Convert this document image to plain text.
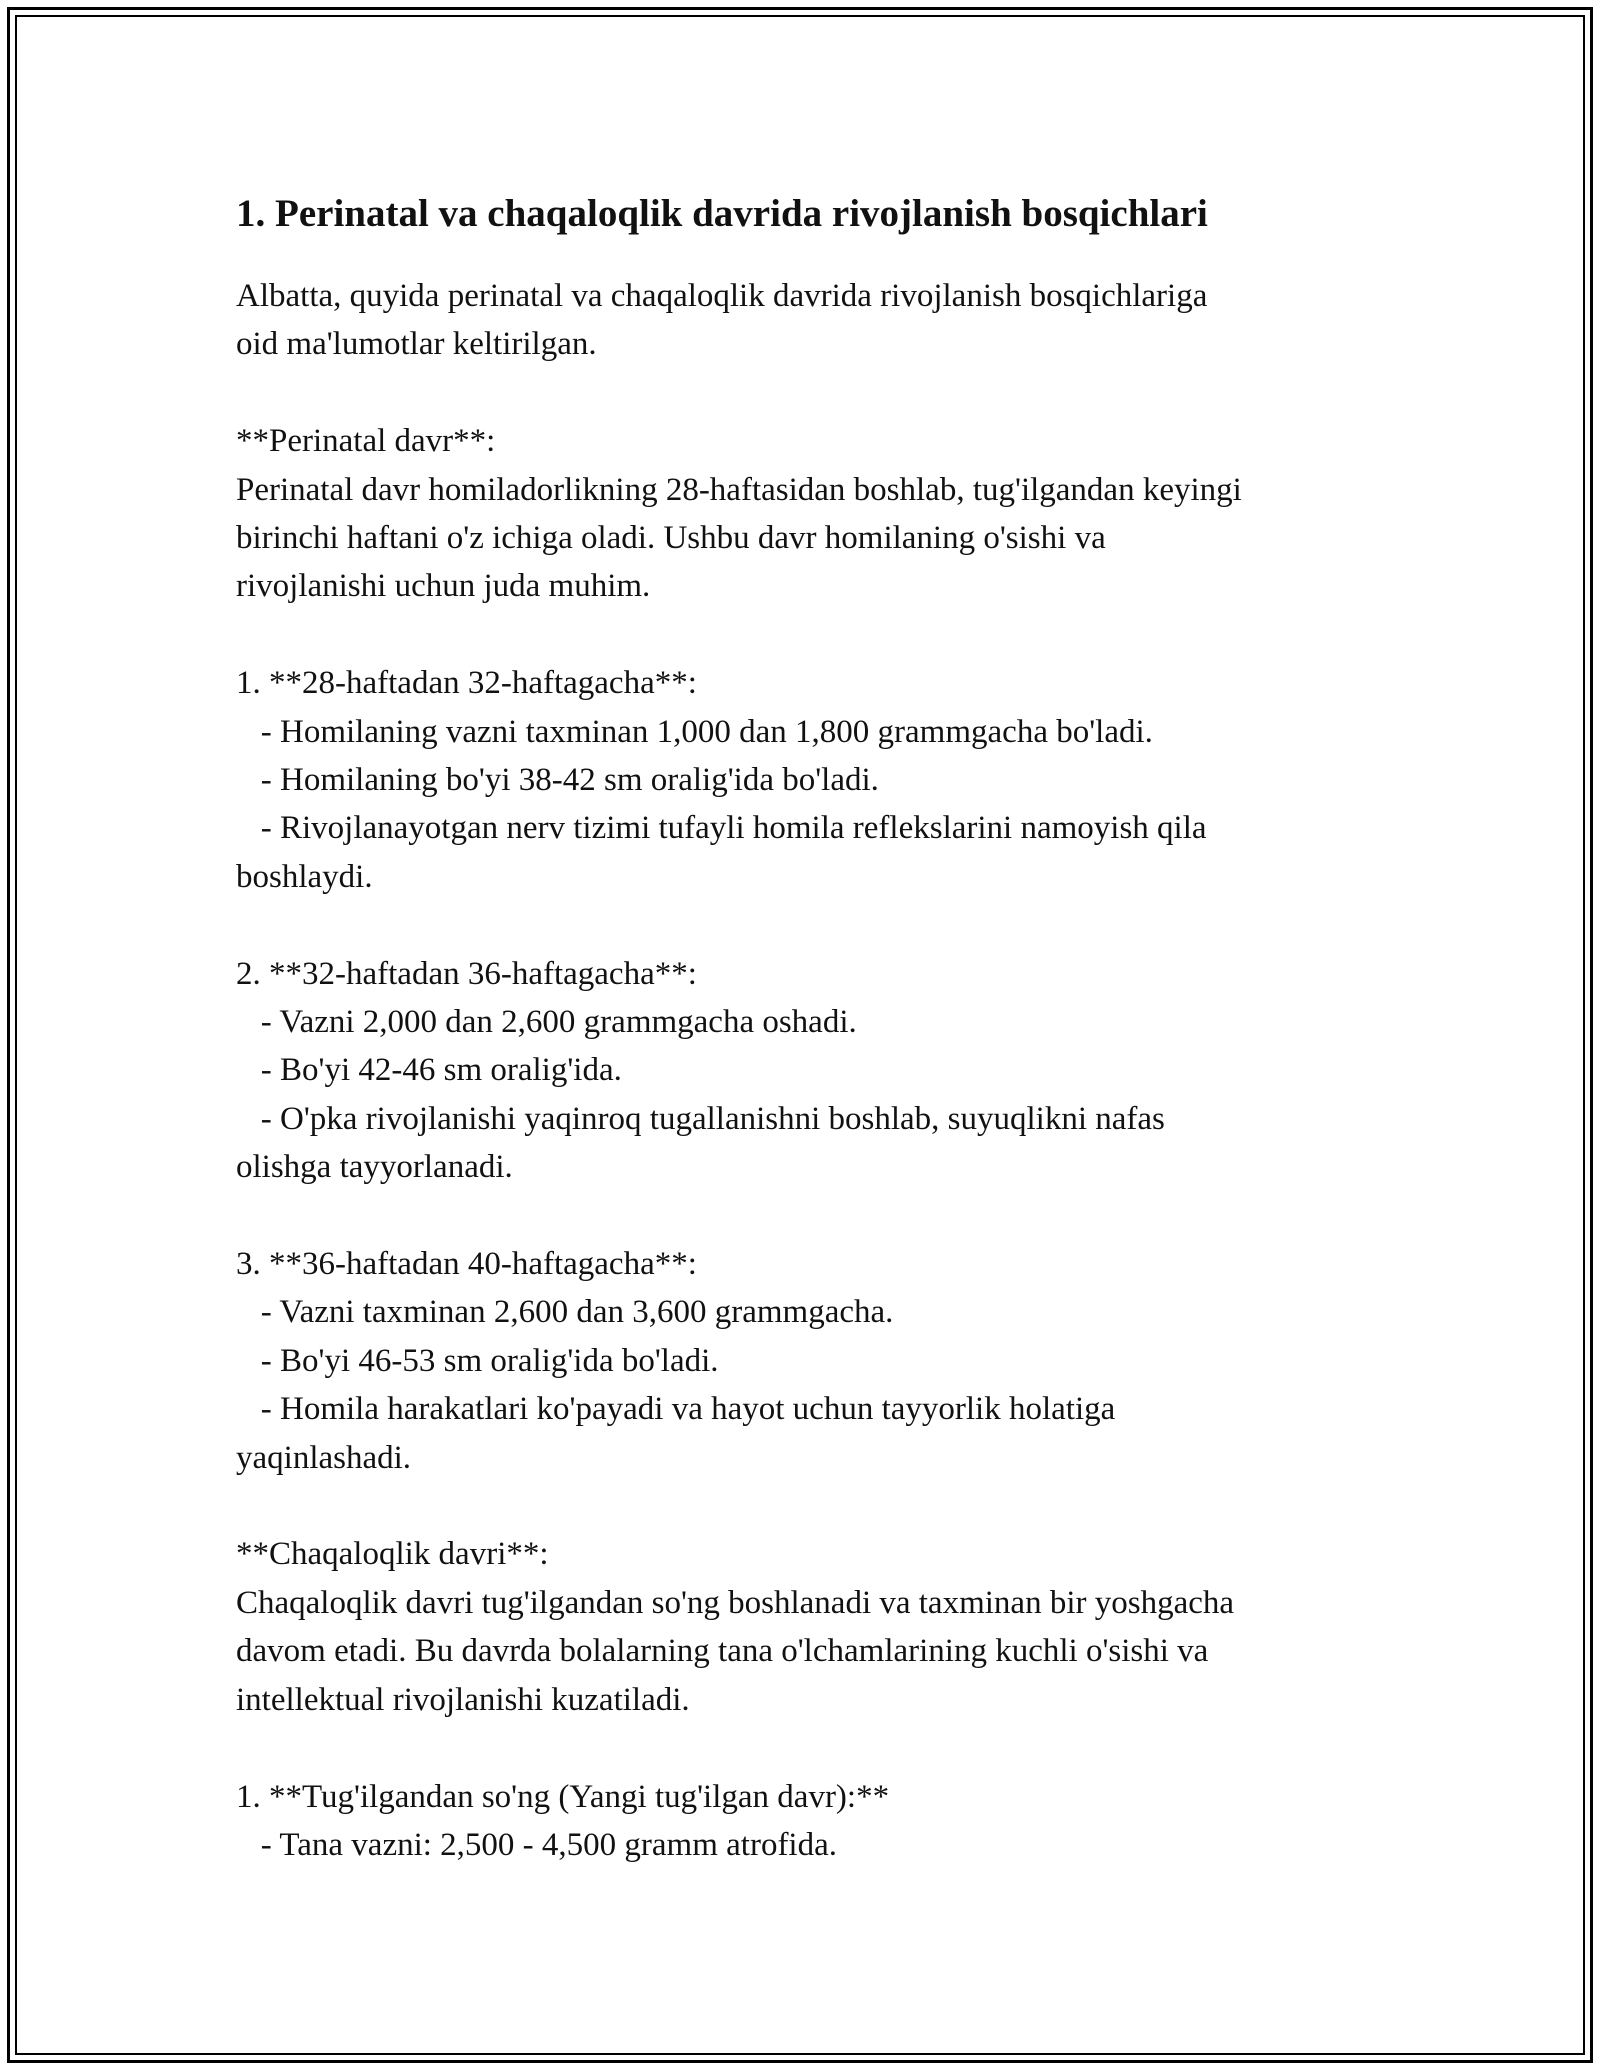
1. Perinatal va chaqaloqlik davrida rivojlanish bosqichlari

Albatta, quyida perinatal va chaqaloqlik davrida rivojlanish bosqichlariga
oid ma'lumotlar keltirilgan.

**Perinatal davr**:
Perinatal davr homiladorlikning 28-haftasidan boshlab, tug'ilgandan keyingi
birinchi haftani o'z ichiga oladi. Ushbu davr homilaning o'sishi va
rivojlanishi uchun juda muhim.

1. **28-haftadan 32-haftagacha**:
- Homilaning vazni taxminan 1,000 dan 1,800 grammgacha bo'ladi.
- Homilaning bo'yi 38-42 sm oralig'ida bo'ladi.
- Rivojlanayotgan nerv tizimi tufayli homila reflekslarini namoyish qila
boshlaydi.

2. **32-haftadan 36-haftagacha**:
- Vazni 2,000 dan 2,600 grammgacha oshadi.
- Bo'yi 42-46 sm oralig'ida.
- O'pka rivojlanishi yaqinroq tugallanishni boshlab, suyuqlikni nafas
olishga tayyorlanadi.

3. **36-haftadan 40-haftagacha**:
- Vazni taxminan 2,600 dan 3,600 grammgacha.
- Bo'yi 46-53 sm oralig'ida bo'ladi.
- Homila harakatlari ko'payadi va hayot uchun tayyorlik holatiga
yaqinlashadi.

**Chaqaloqlik davri**:
Chaqaloqlik davri tug'ilgandan so'ng boshlanadi va taxminan bir yoshgacha
davom etadi. Bu davrda bolalarning tana o'lchamlarining kuchli o'sishi va
intellektual rivojlanishi kuzatiladi.

1. **Tug'ilgandan so'ng (Yangi tug'ilgan davr):**
- Tana vazni: 2,500 - 4,500 gramm atrofida.
